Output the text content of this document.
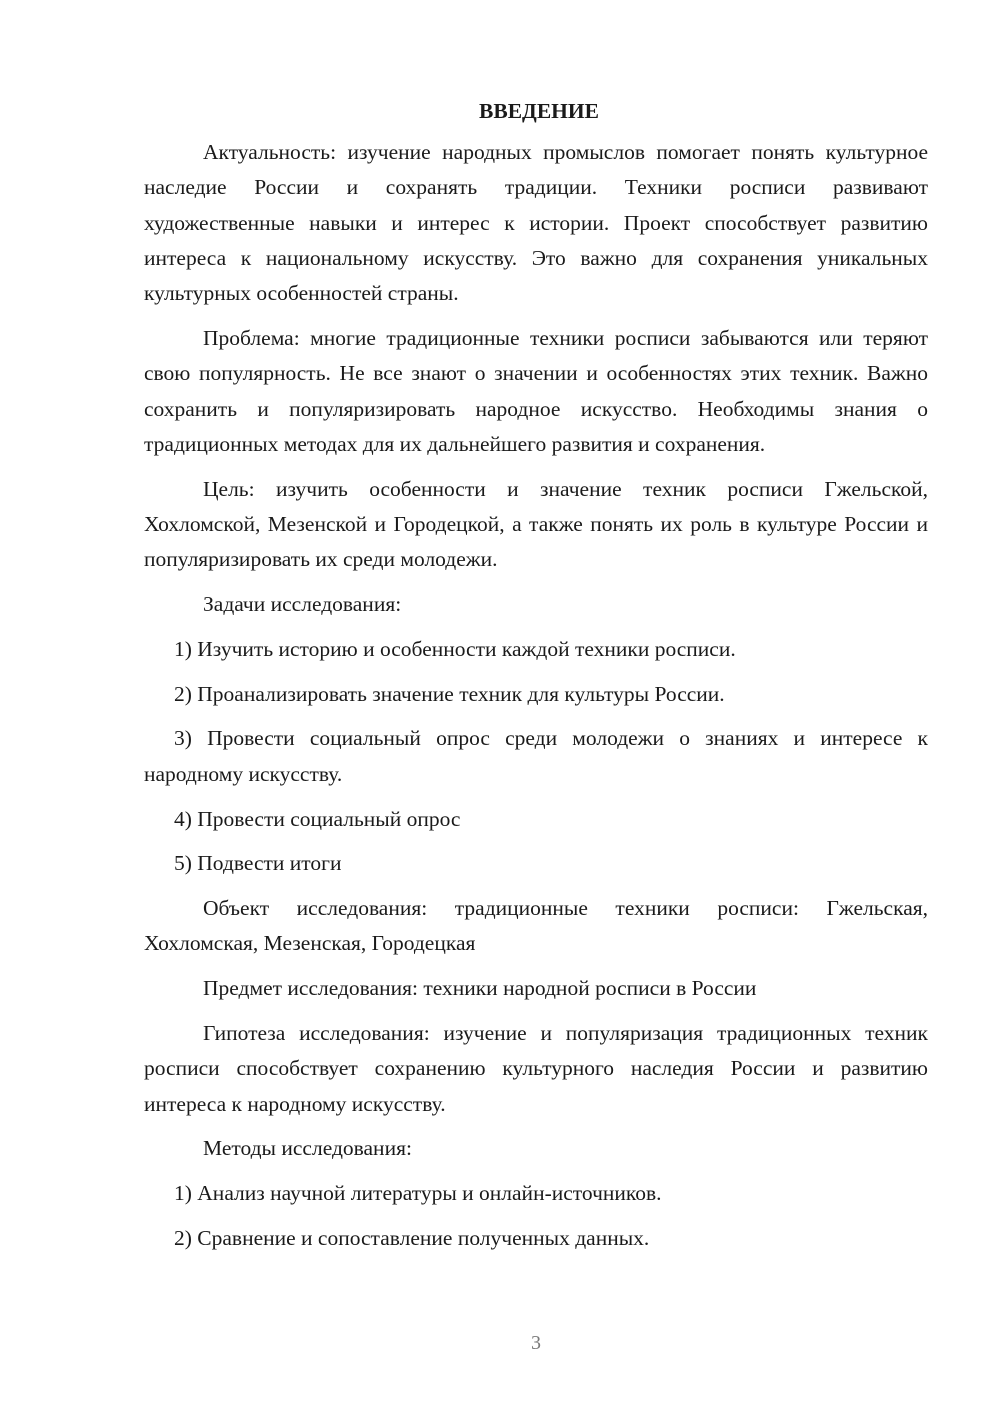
ВВЕДЕНИЕ

Актуальность: изучение народных промыслов помогает понять культурное наследие России и сохранять традиции. Техники росписи развивают художественные навыки и интерес к истории. Проект способствует развитию интереса к национальному искусству. Это важно для сохранения уникальных культурных особенностей страны.

Проблема: многие традиционные техники росписи забываются или теряют свою популярность. Не все знают о значении и особенностях этих техник. Важно сохранить и популяризировать народное искусство. Необходимы знания о традиционных методах для их дальнейшего развития и сохранения.

Цель: изучить особенности и значение техник росписи Гжельской, Хохломской, Мезенской и Городецкой, а также понять их роль в культуре России и популяризировать их среди молодежи.

Задачи исследования:

1) Изучить историю и особенности каждой техники росписи.

2) Проанализировать значение техник для культуры России.

3) Провести социальный опрос среди молодежи о знаниях и интересе к народному искусству.

4) Провести социальный опрос

5) Подвести итоги

Объект исследования: традиционные техники росписи: Гжельская, Хохломская, Мезенская, Городецкая

Предмет исследования: техники народной росписи в России

Гипотеза исследования: изучение и популяризация традиционных техник росписи способствует сохранению культурного наследия России и развитию интереса к народному искусству.

Методы исследования:

1) Анализ научной литературы и онлайн-источников.

2) Сравнение и сопоставление полученных данных.

3
